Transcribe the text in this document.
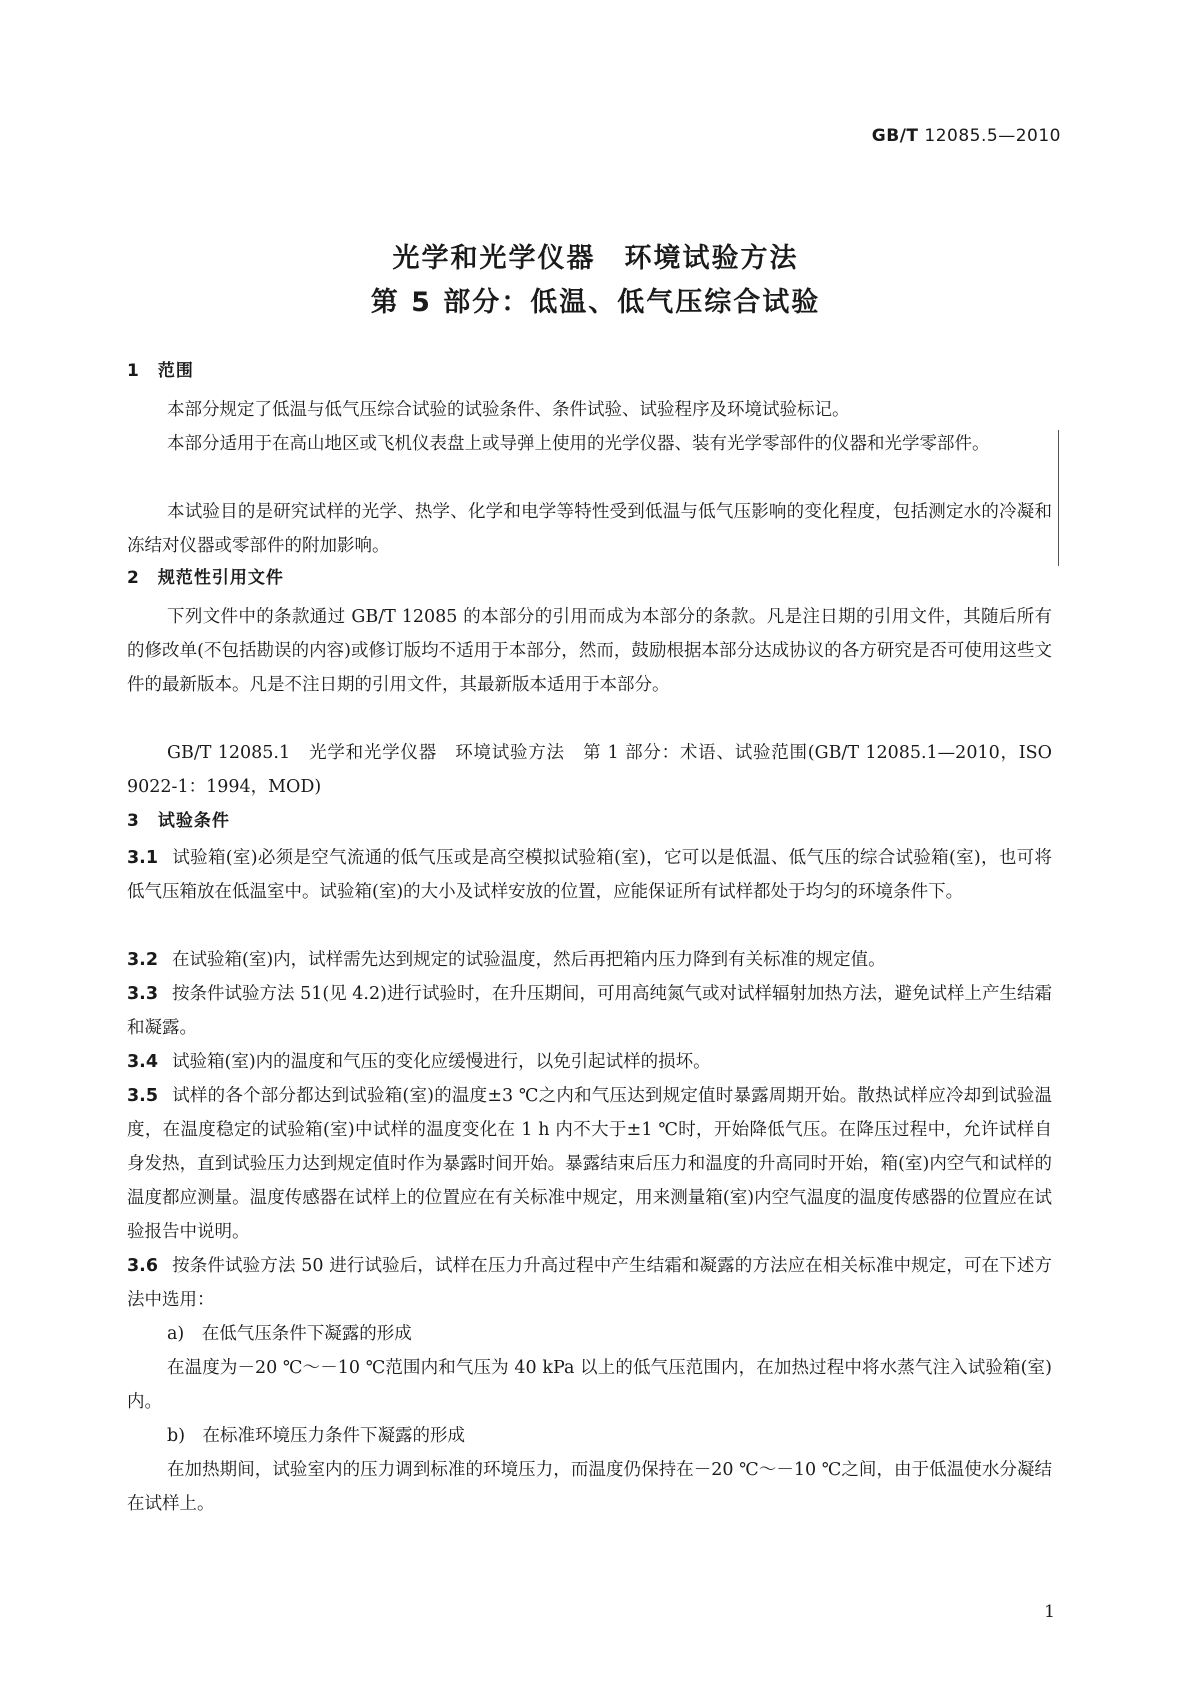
GB/T 12085.5—2010
光学和光学仪器　环境试验方法
第 5 部分：低温、低气压综合试验
1　范围
本部分规定了低温与低气压综合试验的试验条件、条件试验、试验程序及环境试验标记。
本部分适用于在高山地区或飞机仪表盘上或导弹上使用的光学仪器、装有光学零部件的仪器和光学零部件。
本试验目的是研究试样的光学、热学、化学和电学等特性受到低温与低气压影响的变化程度，包括测定水的冷凝和冻结对仪器或零部件的附加影响。
2　规范性引用文件
下列文件中的条款通过 GB/T 12085 的本部分的引用而成为本部分的条款。凡是注日期的引用文件，其随后所有的修改单(不包括勘误的内容)或修订版均不适用于本部分，然而，鼓励根据本部分达成协议的各方研究是否可使用这些文件的最新版本。凡是不注日期的引用文件，其最新版本适用于本部分。
GB/T 12085.1　光学和光学仪器　环境试验方法　第 1 部分：术语、试验范围(GB/T 12085.1—2010，ISO 9022-1：1994，MOD)
3　试验条件
3.1 试验箱(室)必须是空气流通的低气压或是高空模拟试验箱(室)，它可以是低温、低气压的综合试验箱(室)，也可将低气压箱放在低温室中。试验箱(室)的大小及试样安放的位置，应能保证所有试样都处于均匀的环境条件下。
3.2 在试验箱(室)内，试样需先达到规定的试验温度，然后再把箱内压力降到有关标准的规定值。
3.3 按条件试验方法 51(见 4.2)进行试验时，在升压期间，可用高纯氮气或对试样辐射加热方法，避免试样上产生结霜和凝露。
3.4 试验箱(室)内的温度和气压的变化应缓慢进行，以免引起试样的损坏。
3.5 试样的各个部分都达到试验箱(室)的温度±3 ℃之内和气压达到规定值时暴露周期开始。散热试样应冷却到试验温度，在温度稳定的试验箱(室)中试样的温度变化在 1 h 内不大于±1 ℃时，开始降低气压。在降压过程中，允许试样自身发热，直到试验压力达到规定值时作为暴露时间开始。暴露结束后压力和温度的升高同时开始，箱(室)内空气和试样的温度都应测量。温度传感器在试样上的位置应在有关标准中规定，用来测量箱(室)内空气温度的温度传感器的位置应在试验报告中说明。
3.6 按条件试验方法 50 进行试验后，试样在压力升高过程中产生结霜和凝露的方法应在相关标准中规定，可在下述方法中选用：
a)　在低气压条件下凝露的形成
在温度为－20 ℃～－10 ℃范围内和气压为 40 kPa 以上的低气压范围内，在加热过程中将水蒸气注入试验箱(室)内。
b)　在标准环境压力条件下凝露的形成
在加热期间，试验室内的压力调到标准的环境压力，而温度仍保持在－20 ℃～－10 ℃之间，由于低温使水分凝结在试样上。
1
